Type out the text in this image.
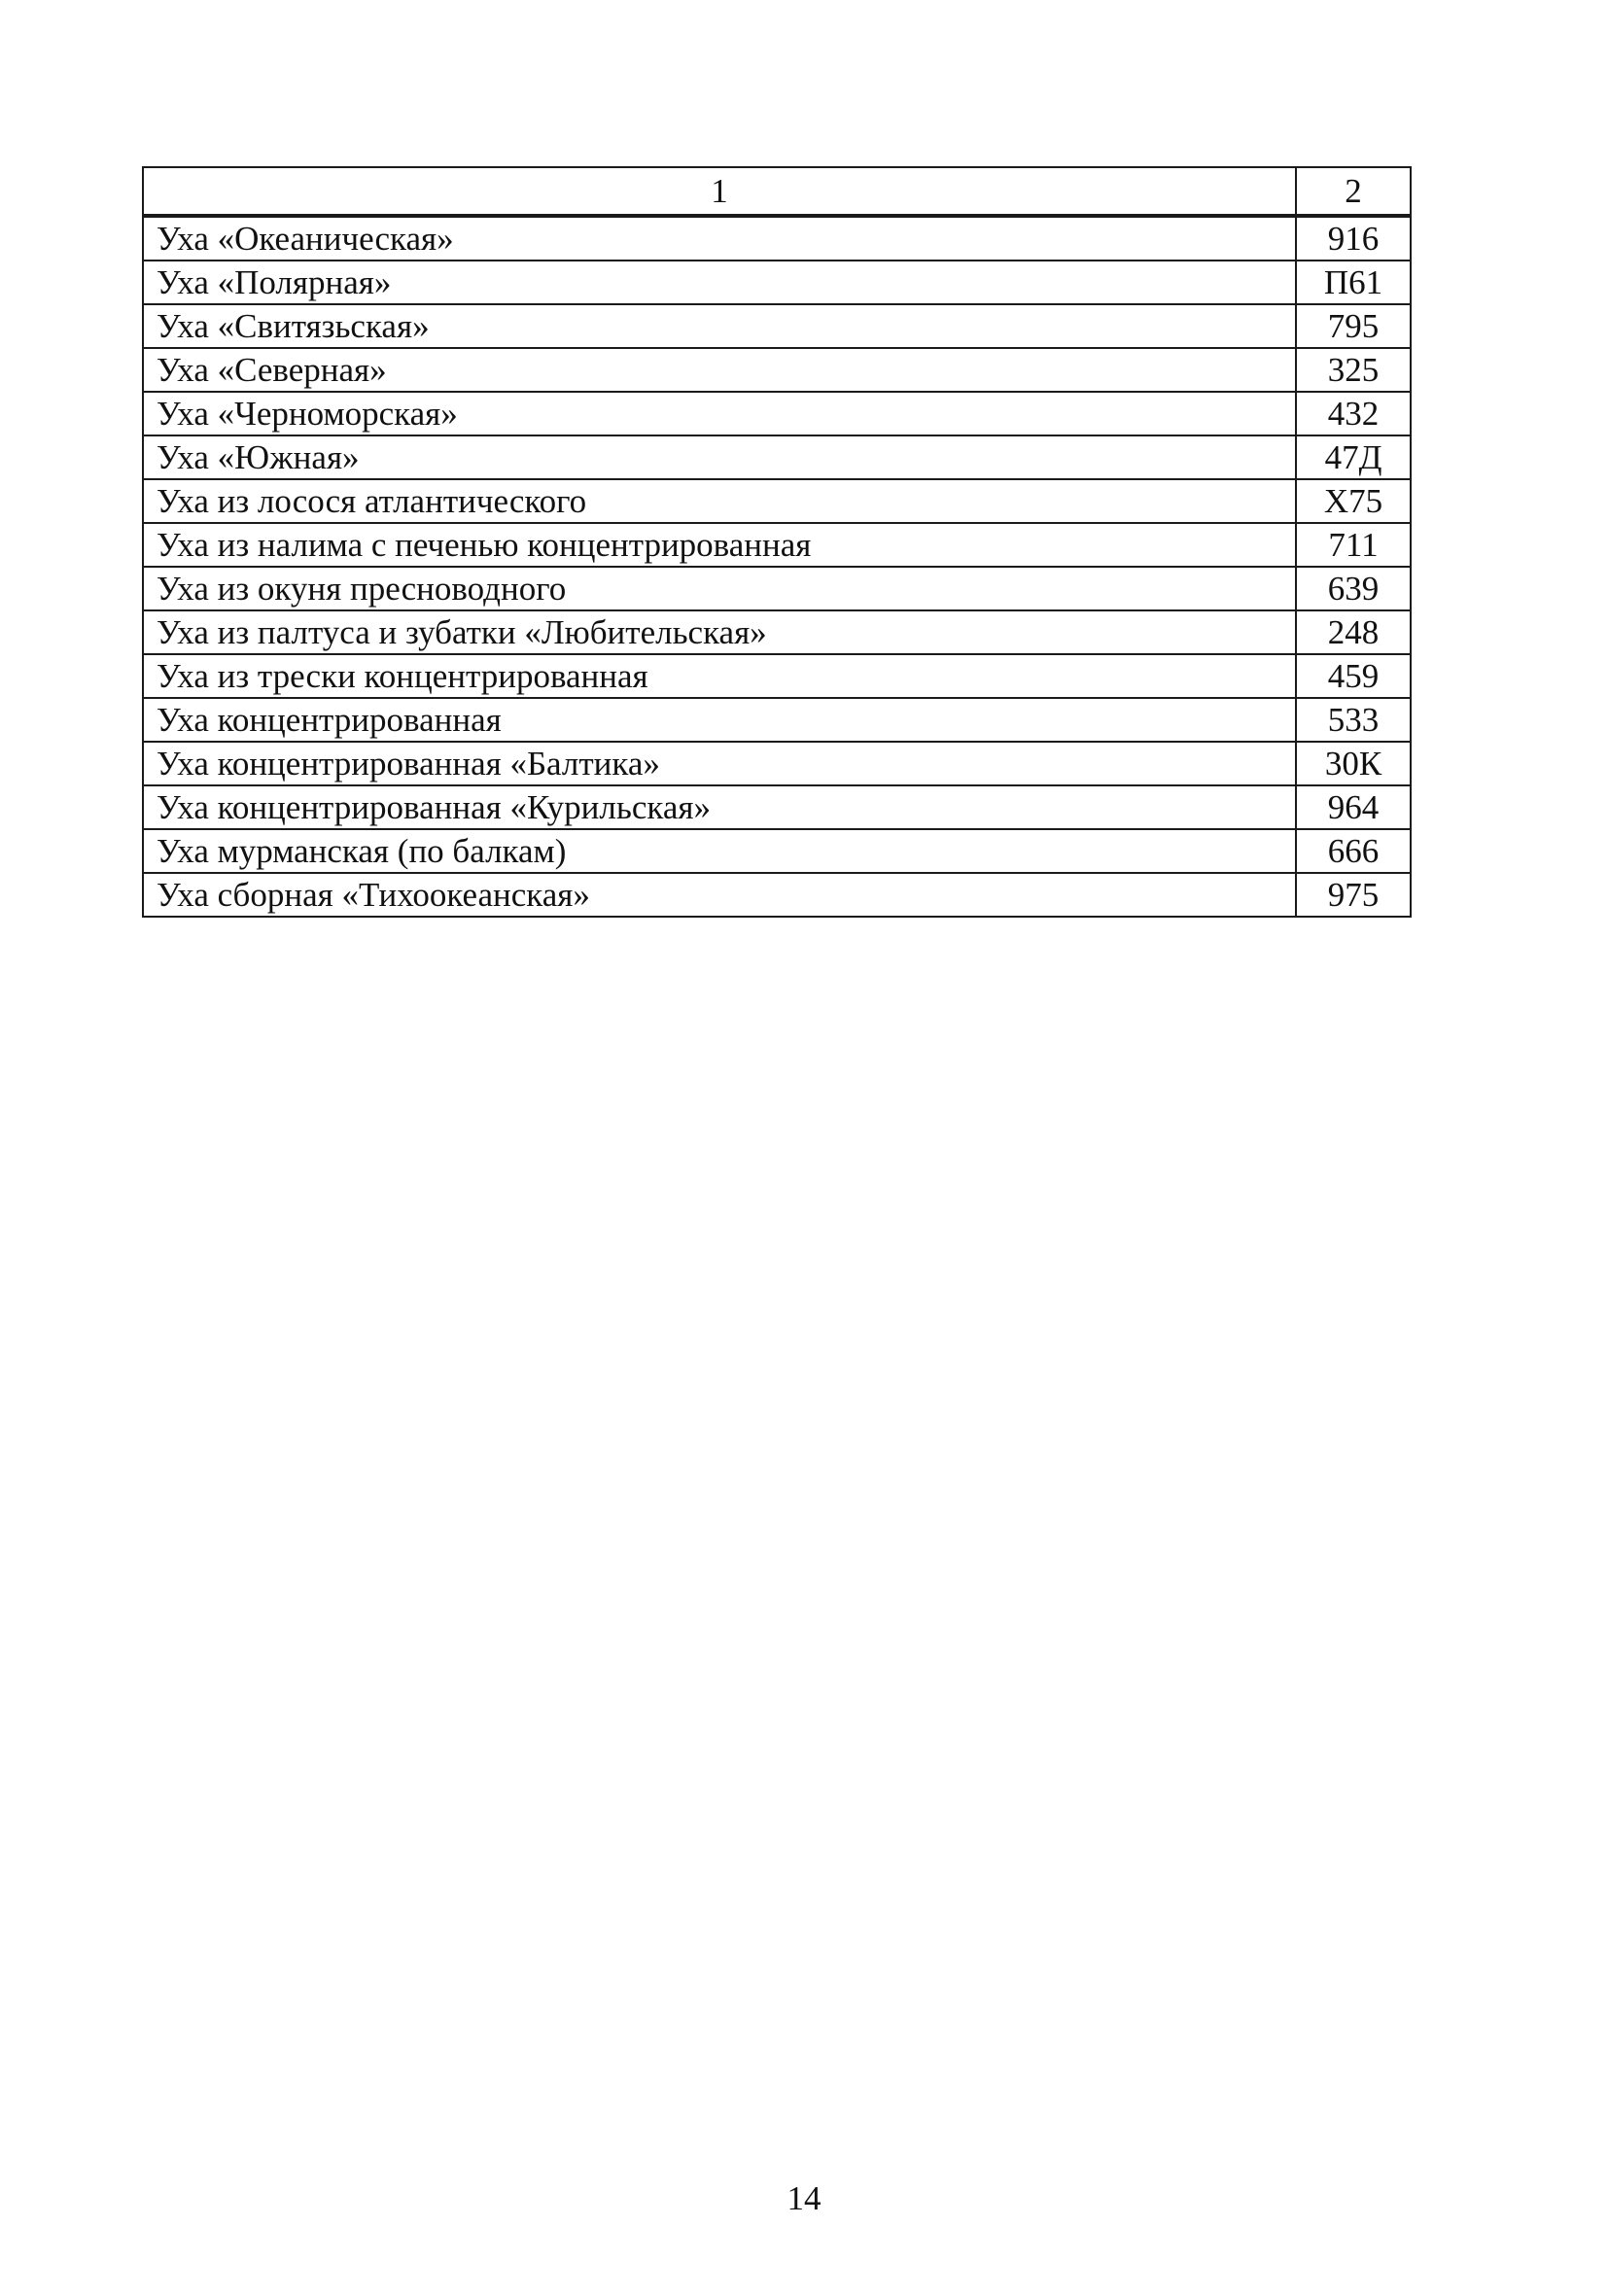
1	2
Уха «Океаническая»	916
Уха «Полярная»	П61
Уха «Свитязьская»	795
Уха «Северная»	325
Уха «Черноморская»	432
Уха «Южная»	47Д
Уха из лосося атлантического	X75
Уха из налима с печенью концентрированная	711
Уха из окуня пресноводного	639
Уха из палтуса и зубатки «Любительская»	248
Уха из трески концентрированная	459
Уха концентрированная	533
Уха концентрированная «Балтика»	30К
Уха концентрированная «Курильская»	964
Уха мурманская (по балкам)	666
Уха сборная «Тихоокеанская»	975
14
